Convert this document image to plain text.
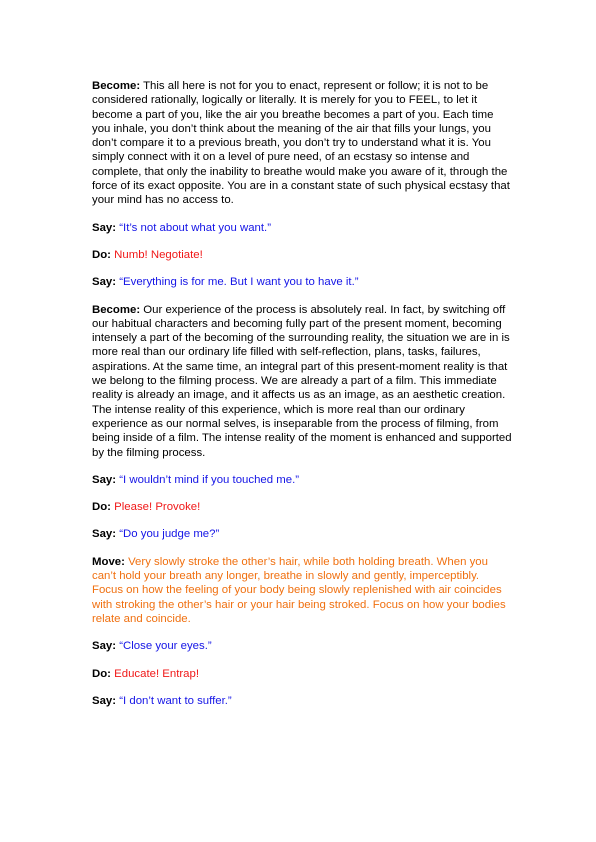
Become: This all here is not for you to enact, represent or follow; it is not to be considered rationally, logically or literally. It is merely for you to FEEL, to let it become a part of you, like the air you breathe becomes a part of you. Each time you inhale, you don’t think about the meaning of the air that fills your lungs, you don’t compare it to a previous breath, you don’t try to understand what it is. You simply connect with it on a level of pure need, of an ecstasy so intense and complete, that only the inability to breathe would make you aware of it, through the force of its exact opposite. You are in a constant state of such physical ecstasy that your mind has no access to.

Say: “It’s not about what you want.”

Do: Numb! Negotiate!

Say: “Everything is for me. But I want you to have it.”

Become: Our experience of the process is absolutely real. In fact, by switching off our habitual characters and becoming fully part of the present moment, becoming intensely a part of the becoming of the surrounding reality, the situation we are in is more real than our ordinary life filled with self-reflection, plans, tasks, failures, aspirations. At the same time, an integral part of this present-moment reality is that we belong to the filming process. We are already a part of a film. This immediate reality is already an image, and it affects us as an image, as an aesthetic creation. The intense reality of this experience, which is more real than our ordinary experience as our normal selves, is inseparable from the process of filming, from being inside of a film. The intense reality of the moment is enhanced and supported by the filming process.

Say: “I wouldn’t mind if you touched me.”

Do: Please! Provoke!

Say: “Do you judge me?”

Move: Very slowly stroke the other’s hair, while both holding breath. When you can’t hold your breath any longer, breathe in slowly and gently, imperceptibly. Focus on how the feeling of your body being slowly replenished with air coincides with stroking the other’s hair or your hair being stroked. Focus on how your bodies relate and coincide.

Say: “Close your eyes.”

Do: Educate! Entrap!

Say: “I don’t want to suffer.”
